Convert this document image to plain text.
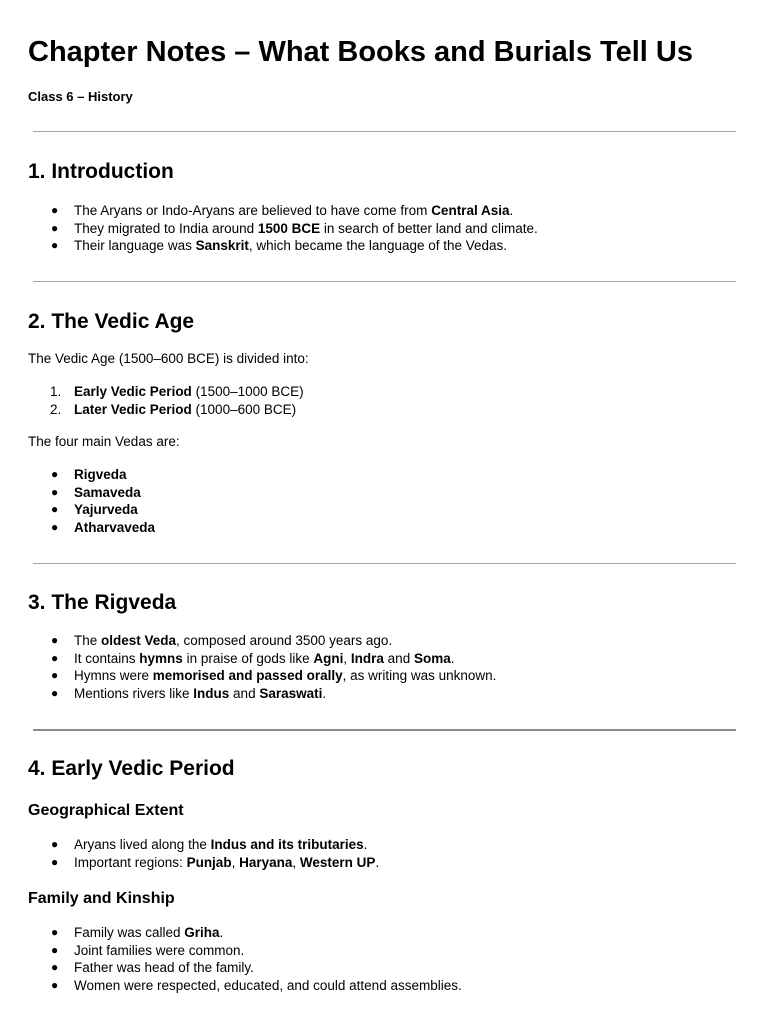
Chapter Notes – What Books and Burials Tell Us
Class 6 – History
1. Introduction
● The Aryans or Indo-Aryans are believed to have come from Central Asia.
● They migrated to India around 1500 BCE in search of better land and climate.
● Their language was Sanskrit, which became the language of the Vedas.
2. The Vedic Age
The Vedic Age (1500–600 BCE) is divided into:
1. Early Vedic Period (1500–1000 BCE)
2. Later Vedic Period (1000–600 BCE)
The four main Vedas are:
● Rigveda
● Samaveda
● Yajurveda
● Atharvaveda
3. The Rigveda
● The oldest Veda, composed around 3500 years ago.
● It contains hymns in praise of gods like Agni, Indra and Soma.
● Hymns were memorised and passed orally, as writing was unknown.
● Mentions rivers like Indus and Saraswati.
4. Early Vedic Period
Geographical Extent
● Aryans lived along the Indus and its tributaries.
● Important regions: Punjab, Haryana, Western UP.
Family and Kinship
● Family was called Griha.
● Joint families were common.
● Father was head of the family.
● Women were respected, educated, and could attend assemblies.
